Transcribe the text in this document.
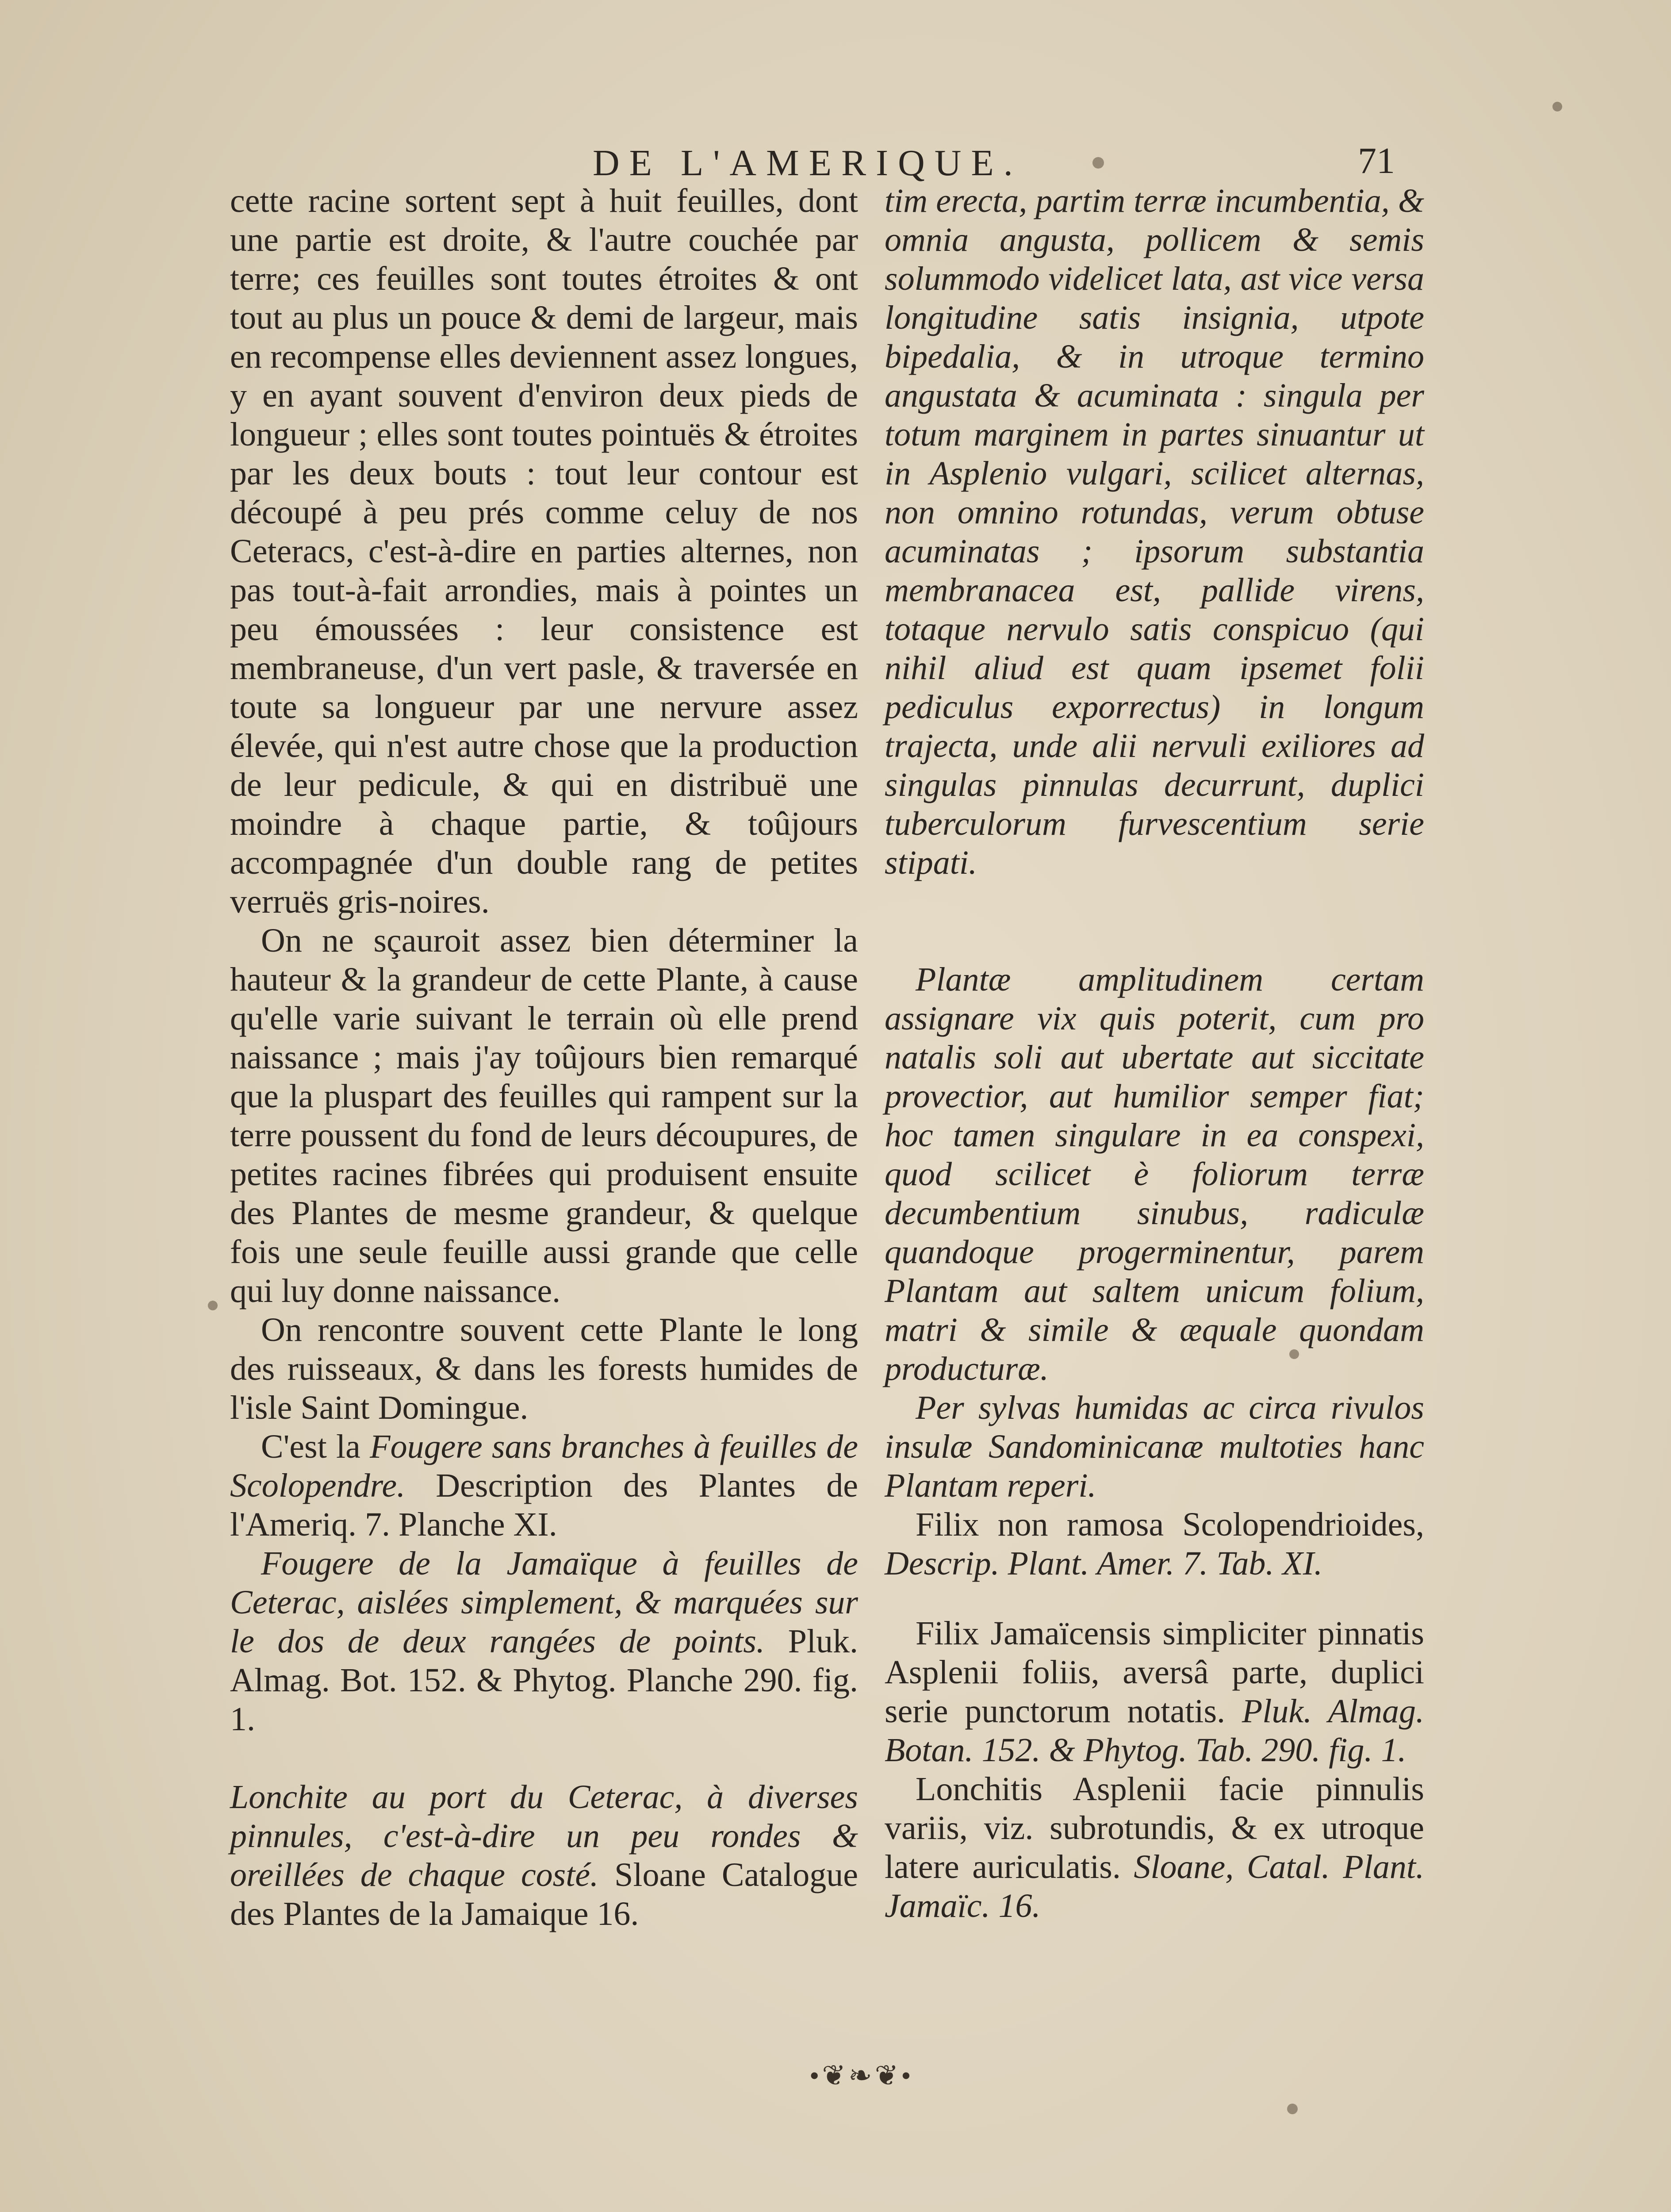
DE L'AMERIQUE.	71

cette racine sortent sept à huit feuilles, dont une partie est droite, & l'autre couchée par terre; ces feuilles sont toutes étroites & ont tout au plus un pouce & demi de largeur, mais en recompense elles deviennent assez longues, y en ayant souvent d'environ deux pieds de longueur ; elles sont toutes pointuës & étroites par les deux bouts : tout leur contour est découpé à peu prés comme celuy de nos Ceteracs, c'est-à-dire en parties alternes, non pas tout-à-fait arrondies, mais à pointes un peu émoussées : leur consistence est membraneuse, d'un vert pasle, & traversée en toute sa longueur par une nervure assez élevée, qui n'est autre chose que la production de leur pedicule, & qui en distribuë une moindre à chaque partie, & toûjours accompagnée d'un double rang de petites verruës gris-noires.

On ne sçauroit assez bien déterminer la hauteur & la grandeur de cette Plante, à cause qu'elle varie suivant le terrain où elle prend naissance ; mais j'ay toûjours bien remarqué que la pluspart des feuilles qui rampent sur la terre poussent du fond de leurs découpures, de petites racines fibrées qui produisent ensuite des Plantes de mesme grandeur, & quelque fois une seule feuille aussi grande que celle qui luy donne naissance.

On rencontre souvent cette Plante le long des ruisseaux, & dans les forests humides de l'isle Saint Domingue.

C'est la Fougere sans branches à feuilles de Scolopendre. Description des Plantes de l'Ameriq. 7. Planche XI.

Fougere de la Jamaïque à feuilles de Ceterac, aislées simplement, & marquées sur le dos de deux rangées de points. Pluk. Almag. Bot. 152. & Phytog. Planche 290. fig. 1.

Lonchite au port du Ceterac, à diverses pinnules, c'est-à-dire un peu rondes & oreillées de chaque costé. Sloane Catalogue des Plantes de la Jamaique 16.

tim erecta, partim terræ incumbentia, & omnia angusta, pollicem & semis solummodo videlicet lata, ast vice versa longitudine satis insignia, utpote bipedalia, & in utroque termino angustata & acuminata : singula per totum marginem in partes sinuantur ut in Asplenio vulgari, scilicet alternas, non omnino rotundas, verum obtuse acuminatas ; ipsorum substantia membranacea est, pallide virens, totaque nervulo satis conspicuo (qui nihil aliud est quam ipsemet folii pediculus exporrectus) in longum trajecta, unde alii nervuli exiliores ad singulas pinnulas decurrunt, duplici tuberculorum furvescentium serie stipati.

Plantæ amplitudinem certam assignare vix quis poterit, cum pro natalis soli aut ubertate aut siccitate provectior, aut humilior semper fiat; hoc tamen singulare in ea conspexi, quod scilicet è foliorum terræ decumbentium sinubus, radiculæ quandoque progerminentur, parem Plantam aut saltem unicum folium, matri & simile & æquale quondam producturæ.

Per sylvas humidas ac circa rivulos insulæ Sandominicanæ multoties hanc Plantam reperi.

Filix non ramosa Scolopendrioides, Descrip. Plant. Amer. 7. Tab. XI.

Filix Jamaïcensis simpliciter pinnatis Asplenii foliis, aversâ parte, duplici serie punctorum notatis. Pluk. Almag. Botan. 152. & Phytog. Tab. 290. fig. 1.

Lonchitis Asplenii facie pinnulis variis, viz. subrotundis, & ex utroque latere auriculatis. Sloane, Catal. Plant. Jamaïc. 16.

•❦❧❦•
